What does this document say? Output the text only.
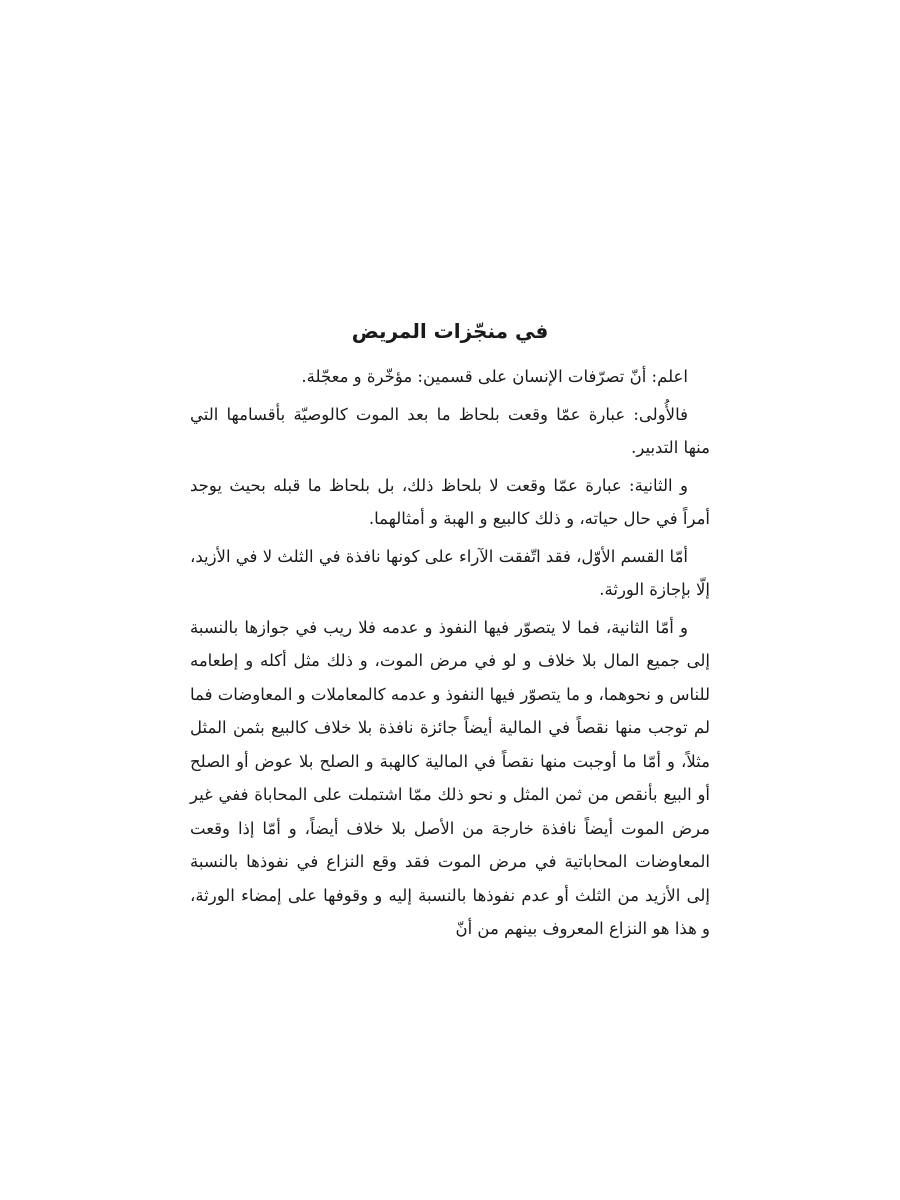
في منجّزات المريض

اعلم: أنّ تصرّفات الإنسان على قسمين: مؤخّرة و معجّلة.

فالأُولى: عبارة عمّا وقعت بلحاظ ما بعد الموت كالوصيّة بأقسامها التي منها التدبير.

و الثانية: عبارة عمّا وقعت لا بلحاظ ذلك، بل بلحاظ ما قبله بحيث يوجد أمراً في حال حياته، و ذلك كالبيع و الهبة و أمثالهما.

أمّا القسم الأوّل، فقد اتّفقت الآراء على كونها نافذة في الثلث لا في الأزيد، إلّا بإجازة الورثة.

و أمّا الثانية، فما لا يتصوّر فيها النفوذ و عدمه فلا ريب في جوازها بالنسبة إلى جميع المال بلا خلاف و لو في مرض الموت، و ذلك مثل أكله و إطعامه للناس و نحوهما، و ما يتصوّر فيها النفوذ و عدمه كالمعاملات و المعاوضات فما لم توجب منها نقصاً في المالية أيضاً جائزة نافذة بلا خلاف كالبيع بثمن المثل مثلاً، و أمّا ما أوجبت منها نقصاً في المالية كالهبة و الصلح بلا عوض أو الصلح أو البيع بأنقص من ثمن المثل و نحو ذلك ممّا اشتملت على المحاباة ففي غير مرض الموت أيضاً نافذة خارجة من الأصل بلا خلاف أيضاً، و أمّا إذا وقعت المعاوضات المحاباتية في مرض الموت فقد وقع النزاع في نفوذها بالنسبة إلى الأزيد من الثلث أو عدم نفوذها بالنسبة إليه و وقوفها على إمضاء الورثة، و هذا هو النزاع المعروف بينهم من أنّ
